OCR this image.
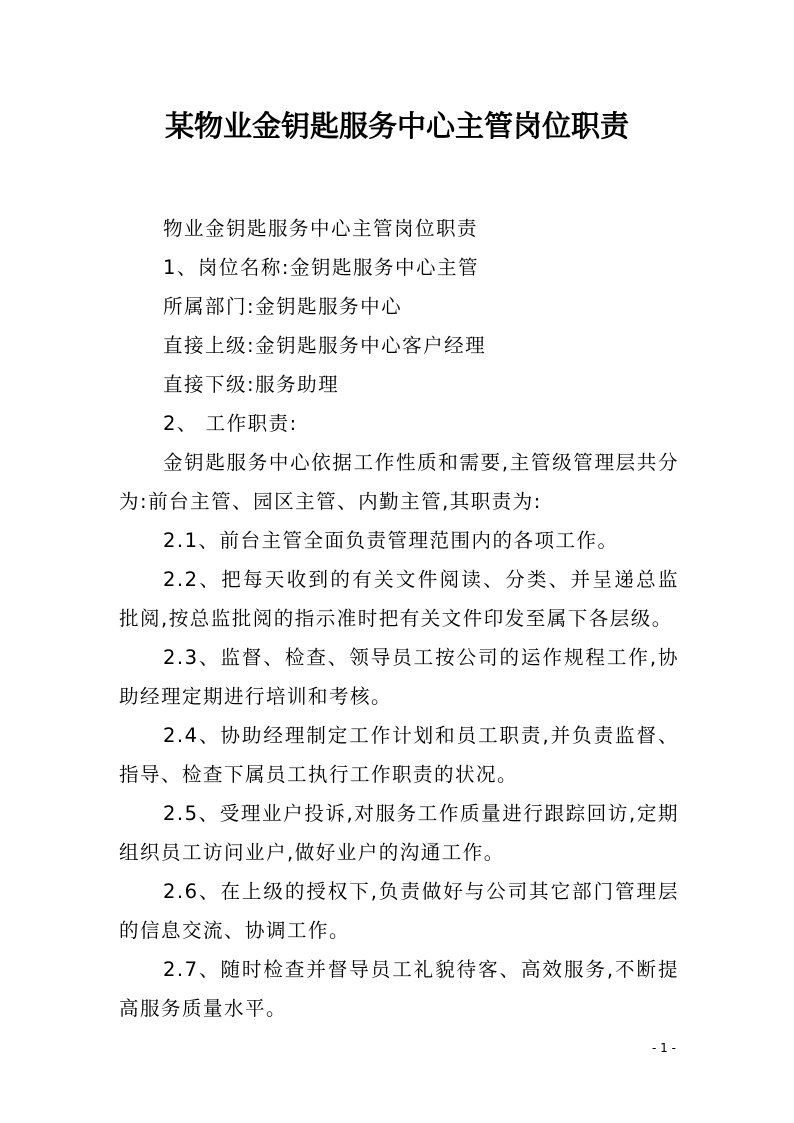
某物业金钥匙服务中心主管岗位职责

物业金钥匙服务中心主管岗位职责

1、岗位名称:金钥匙服务中心主管

所属部门:金钥匙服务中心

直接上级:金钥匙服务中心客户经理

直接下级:服务助理

2、 工作职责:

金钥匙服务中心依据工作性质和需要,主管级管理层共分为:前台主管、园区主管、内勤主管,其职责为:

2.1、前台主管全面负责管理范围内的各项工作。

2.2、把每天收到的有关文件阅读、分类、并呈递总监批阅,按总监批阅的指示准时把有关文件印发至属下各层级。

2.3、监督、检查、领导员工按公司的运作规程工作,协助经理定期进行培训和考核。

2.4、协助经理制定工作计划和员工职责,并负责监督、指导、检查下属员工执行工作职责的状况。

2.5、受理业户投诉,对服务工作质量进行跟踪回访,定期组织员工访问业户,做好业户的沟通工作。

2.6、在上级的授权下,负责做好与公司其它部门管理层的信息交流、协调工作。

2.7、随时检查并督导员工礼貌待客、高效服务,不断提高服务质量水平。

- 1 -
